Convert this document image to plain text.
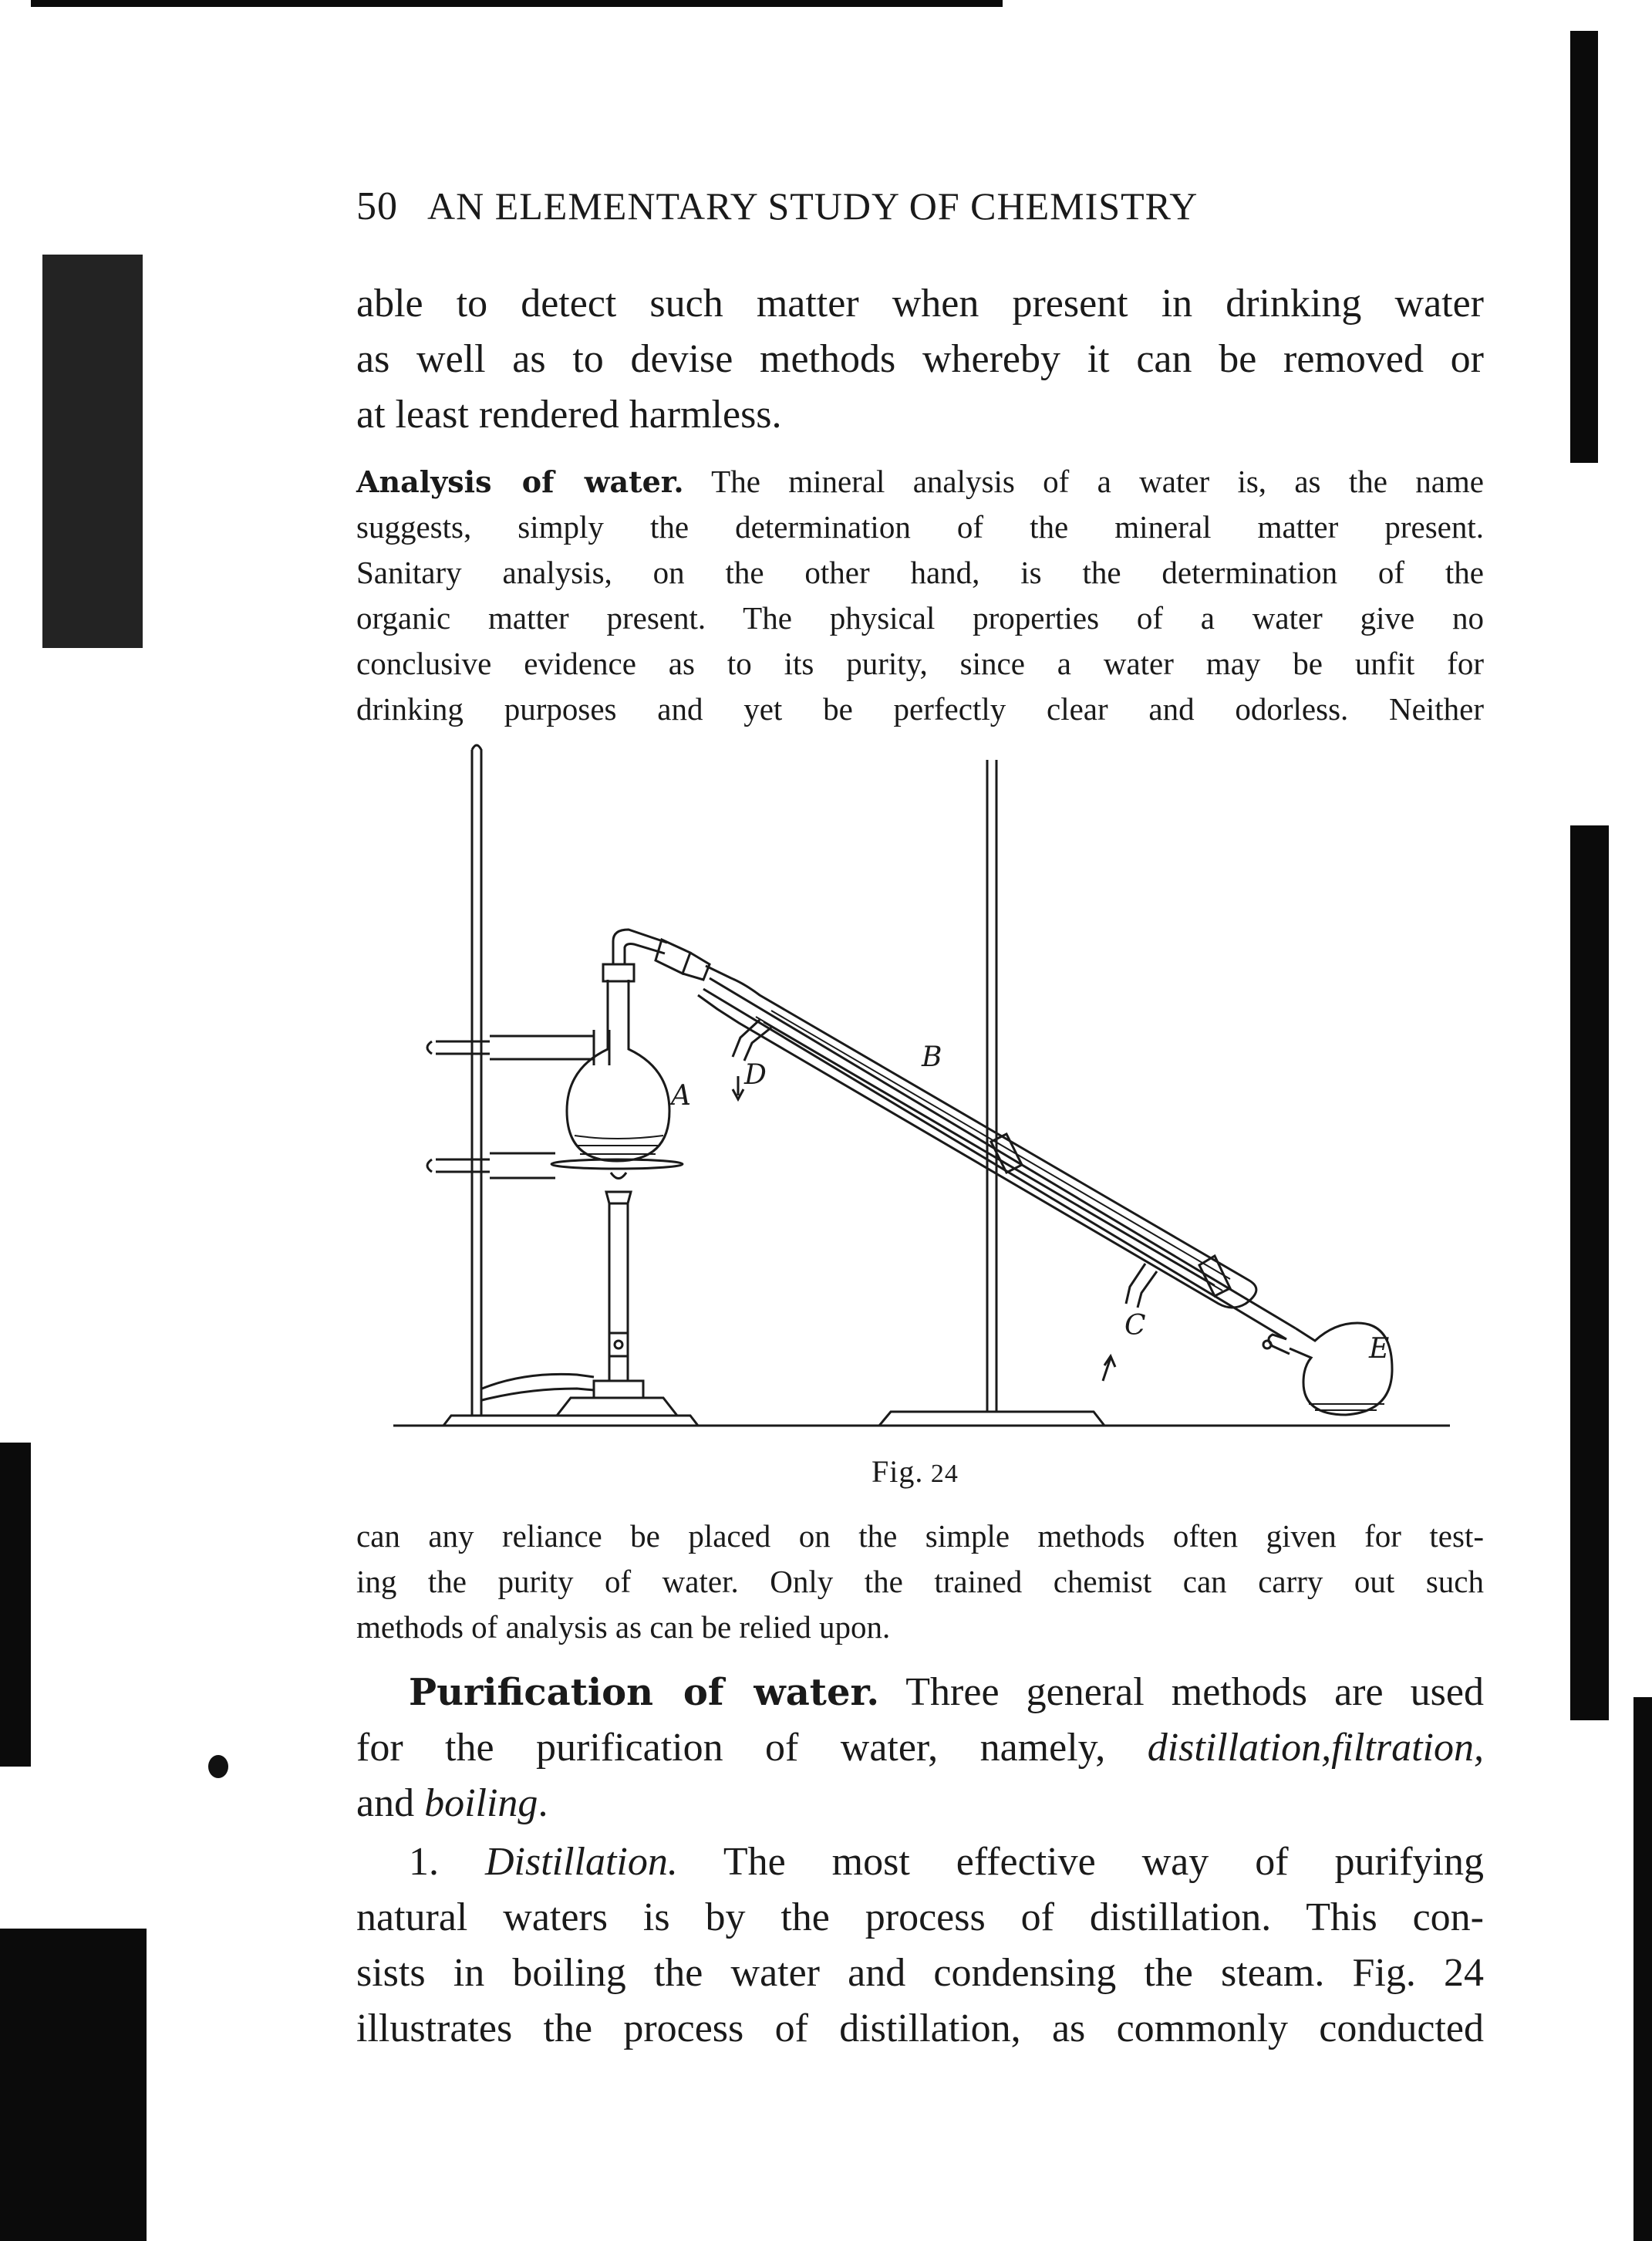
50 AN ELEMENTARY STUDY OF CHEMISTRY
able to detect such matter when present in drinking water
as well as to devise methods whereby it can be removed or
at least rendered harmless.
Analysis of water. The mineral analysis of a water is, as the name
suggests, simply the determination of the mineral matter present.
Sanitary analysis, on the other hand, is the determination of the
organic matter present. The physical properties of a water give no
conclusive evidence as to its purity, since a water may be unfit for
drinking purposes and yet be perfectly clear and odorless. Neither
A
B
C
D
E
Fig. 24
can any reliance be placed on the simple methods often given for test-
ing the purity of water. Only the trained chemist can carry out such
methods of analysis as can be relied upon.
Purification of water. Three general methods are used
for the purification of water, namely, distillation,filtration,
and boiling.
1. Distillation. The most effective way of purifying
natural waters is by the process of distillation. This con-
sists in boiling the water and condensing the steam. Fig. 24
illustrates the process of distillation, as commonly conducted
